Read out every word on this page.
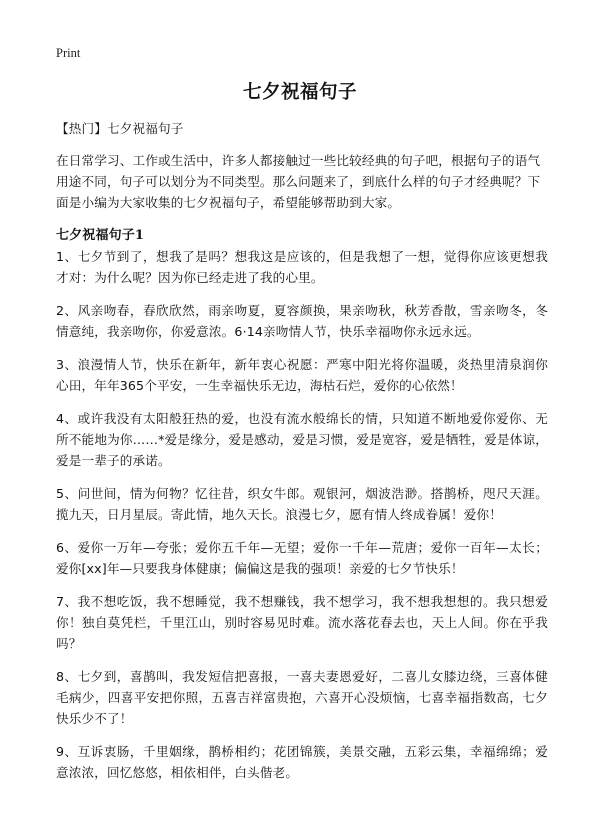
Print
七夕祝福句子

【热门】七夕祝福句子

在日常学习、工作或生活中，许多人都接触过一些比较经典的句子吧，根据句子的语气用途不同，句子可以划分为不同类型。那么问题来了，到底什么样的句子才经典呢？下面是小编为大家收集的七夕祝福句子，希望能够帮助到大家。

七夕祝福句子1

1、七夕节到了，想我了是吗？想我这是应该的，但是我想了一想，觉得你应该更想我才对：为什么呢？因为你已经走进了我的心里。

2、风亲吻春，春欣欣然，雨亲吻夏，夏容颜换，果亲吻秋，秋芳香散，雪亲吻冬，冬情意纯，我亲吻你，你爱意浓。6·14亲吻情人节，快乐幸福吻你永远永远。

3、浪漫情人节，快乐在新年，新年衷心祝愿：严寒中阳光将你温暖，炎热里清泉润你心田，年年365个平安，一生幸福快乐无边，海枯石烂，爱你的心依然！

4、或许我没有太阳般狂热的爱，也没有流水般绵长的情，只知道不断地爱你爱你、无所不能地为你……*爱是缘分，爱是感动，爱是习惯，爱是宽容，爱是牺牲，爱是体谅，爱是一辈子的承诺。

5、问世间，情为何物？忆往昔，织女牛郎。观银河，烟波浩渺。搭鹊桥，咫尺天涯。揽九天，日月星辰。寄此情，地久天长。浪漫七夕，愿有情人终成眷属！爱你！

6、爱你一万年—夸张；爱你五千年—无望；爱你一千年—荒唐；爱你一百年—太长；爱你[xx]年—只要我身体健康；偏偏这是我的强项！亲爱的七夕节快乐！

7、我不想吃饭，我不想睡觉，我不想赚钱，我不想学习，我不想我想想的。我只想爱你！独自莫凭栏，千里江山，别时容易见时难。流水落花春去也，天上人间。你在乎我吗？

8、七夕到，喜鹊叫，我发短信把喜报，一喜夫妻恩爱好，二喜儿女膝边绕，三喜体健毛病少，四喜平安把你照，五喜吉祥富贵抱，六喜开心没烦恼，七喜幸福指数高，七夕快乐少不了！

9、互诉衷肠，千里姻缘，鹊桥相约；花团锦簇，美景交融，五彩云集，幸福绵绵；爱意浓浓，回忆悠悠，相依相伴，白头偕老。
